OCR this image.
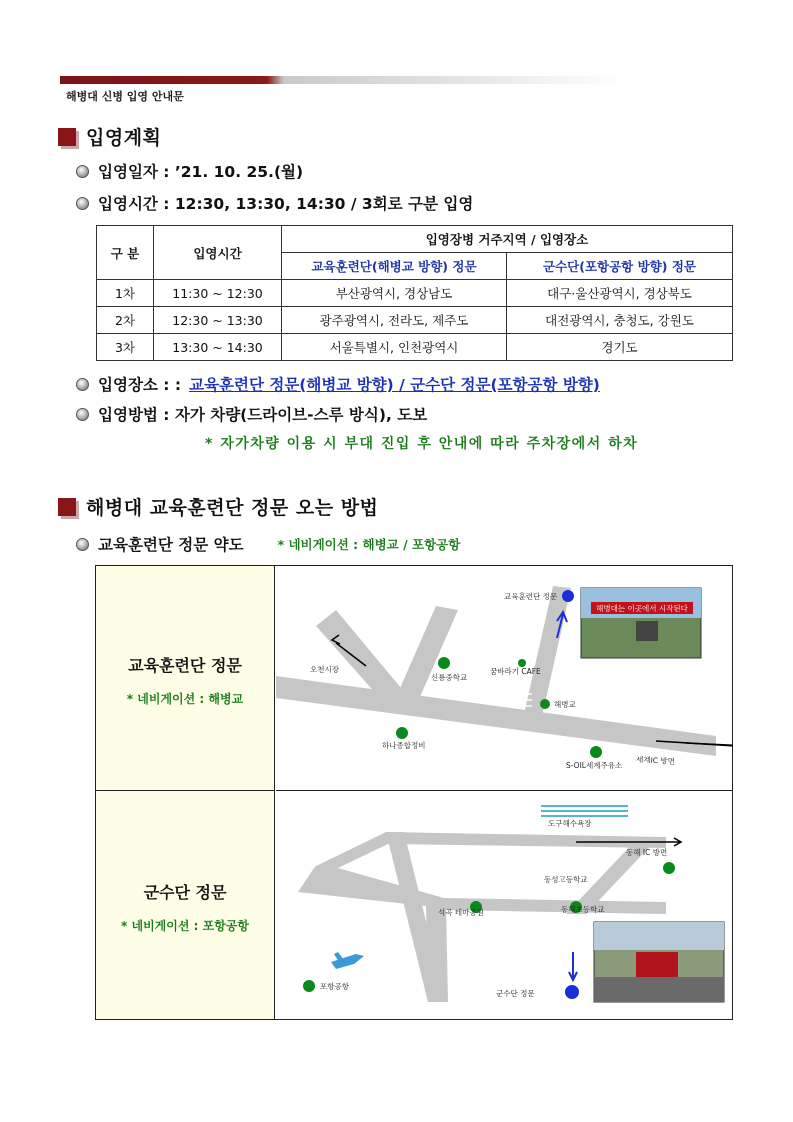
해병대 신병 입영 안내문
입영계획
입영일자 : ’21. 10. 25.(월)
입영시간 : 12:30, 13:30, 14:30 / 3회로 구분 입영
구 분	입영시간	입영장병 거주지역 / 입영장소	
		교육훈련단(해병교 방향) 정문	군수단(포항공항 방향) 정문
1차	11:30 ~ 12:30	부산광역시, 경상남도	대구·울산광역시, 경상북도
2차	12:30 ~ 13:30	광주광역시, 전라도, 제주도	대전광역시, 충청도, 강원도
3차	13:30 ~ 14:30	서울특별시, 인천광역시	경기도
입영장소 : : 교육훈련단 정문(해병교 방향) / 군수단 정문(포항공항 방향)
입영방법 : 자가 차량(드라이브-스루 방식), 도보
* 자가차량 이용 시 부대 진입 후 안내에 따라 주차장에서 하차
해병대 교육훈련단 정문 오는 방법
교육훈련단 정문 약도	* 네비게이션 : 해병교 / 포항공항
교육훈련단 정문
* 네비게이션 : 해병교
군수단 정문
* 네비게이션 : 포항공항
오천시장
신룡중학교
꿈바라기 CAFE
해병교
하나종합정비
S-OIL세계주유소 세계IC 방면
교육훈련단 정문
해병대는 이곳에서 시작된다
도구해수욕장
동해 IC 방면
동성고등학교
동해초등학교
석곡 테마공원
포항공항
군수단 정문
